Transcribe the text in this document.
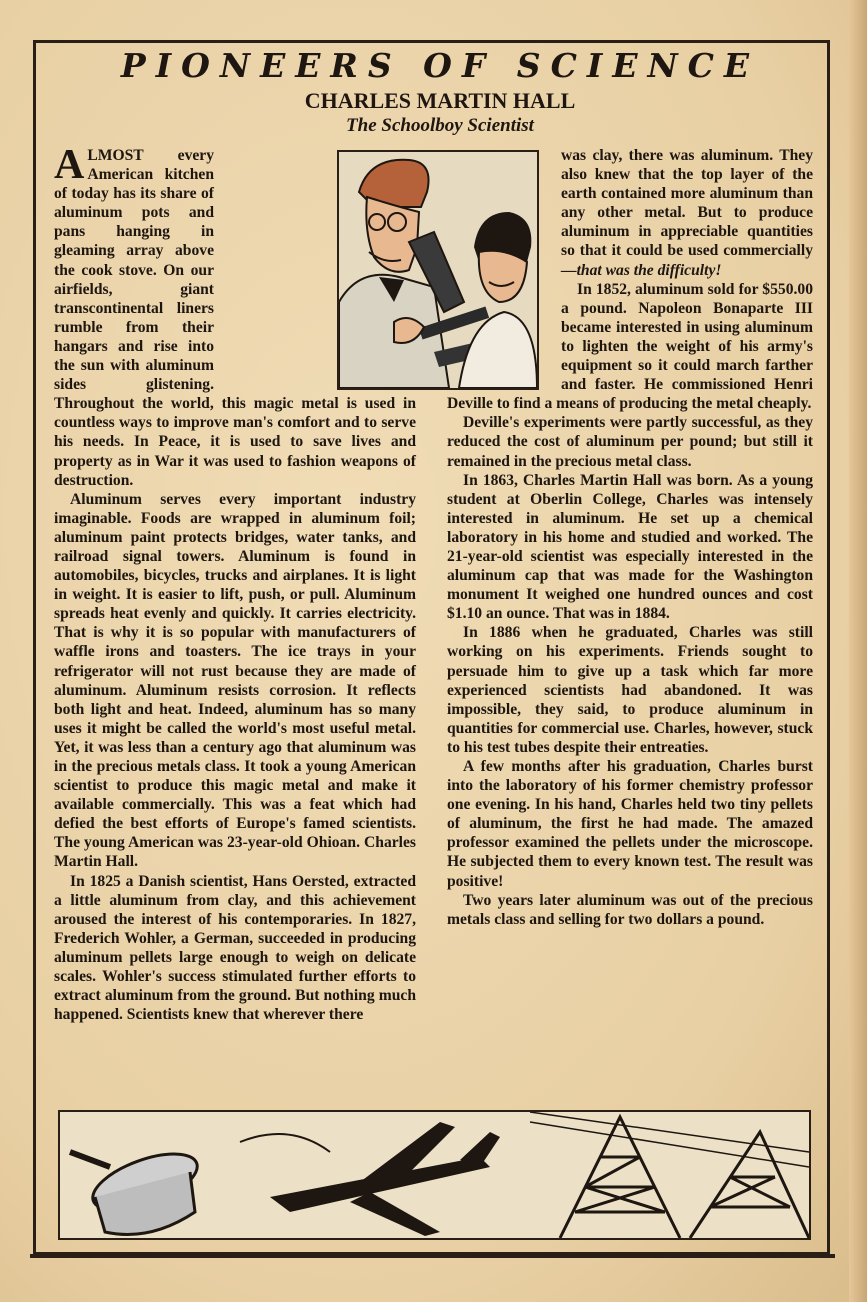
PIONEERS OF SCIENCE
CHARLES MARTIN HALL
The Schoolboy Scientist

ALMOST every American kitchen of today has its share of aluminum pots and pans hanging in gleaming array above the cook stove. On our airfields, giant transcontinental liners rumble from their hangars and rise into the sun with aluminum sides glistening. Throughout the world, this magic metal is used in countless ways to improve man's comfort and to serve his needs. In Peace, it is used to save lives and property as in War it was used to fashion weapons of destruction.

Aluminum serves every important industry imaginable. Foods are wrapped in aluminum foil; aluminum paint protects bridges, water tanks, and railroad signal towers. Aluminum is found in automobiles, bicycles, trucks and airplanes. It is light in weight. It is easier to lift, push, or pull. Aluminum spreads heat evenly and quickly. It carries electricity. That is why it is so popular with manufacturers of waffle irons and toasters. The ice trays in your refrigerator will not rust because they are made of aluminum. Aluminum resists corrosion. It reflects both light and heat. Indeed, aluminum has so many uses it might be called the world's most useful metal. Yet, it was less than a century ago that aluminum was in the precious metals class. It took a young American scientist to produce this magic metal and make it available commercially. This was a feat which had defied the best efforts of Europe's famed scientists. The young American was 23-year-old Ohioan. Charles Martin Hall.

In 1825 a Danish scientist, Hans Oersted, extracted a little aluminum from clay, and this achievement aroused the interest of his contemporaries. In 1827, Frederich Wohler, a German, succeeded in producing aluminum pellets large enough to weigh on delicate scales. Wohler's success stimulated further efforts to extract aluminum from the ground. But nothing much happened. Scientists knew that wherever there

was clay, there was aluminum. They also knew that the top layer of the earth contained more aluminum than any other metal. But to produce aluminum in appreciable quantities so that it could be used commercially—that was the difficulty!

In 1852, aluminum sold for $550.00 a pound. Napoleon Bonaparte III became interested in using aluminum to lighten the weight of his army's equipment so it could march farther and faster. He commissioned Henri Deville to find a means of producing the metal cheaply.

Deville's experiments were partly successful, as they reduced the cost of aluminum per pound; but still it remained in the precious metal class.

In 1863, Charles Martin Hall was born. As a young student at Oberlin College, Charles was intensely interested in aluminum. He set up a chemical laboratory in his home and studied and worked. The 21-year-old scientist was especially interested in the aluminum cap that was made for the Washington monument It weighed one hundred ounces and cost $1.10 an ounce. That was in 1884.

In 1886 when he graduated, Charles was still working on his experiments. Friends sought to persuade him to give up a task which far more experienced scientists had abandoned. It was impossible, they said, to produce aluminum in quantities for commercial use. Charles, however, stuck to his test tubes despite their entreaties.

A few months after his graduation, Charles burst into the laboratory of his former chemistry professor one evening. In his hand, Charles held two tiny pellets of aluminum, the first he had made. The amazed professor examined the pellets under the microscope. He subjected them to every known test. The result was positive!

Two years later aluminum was out of the precious metals class and selling for two dollars a pound.
